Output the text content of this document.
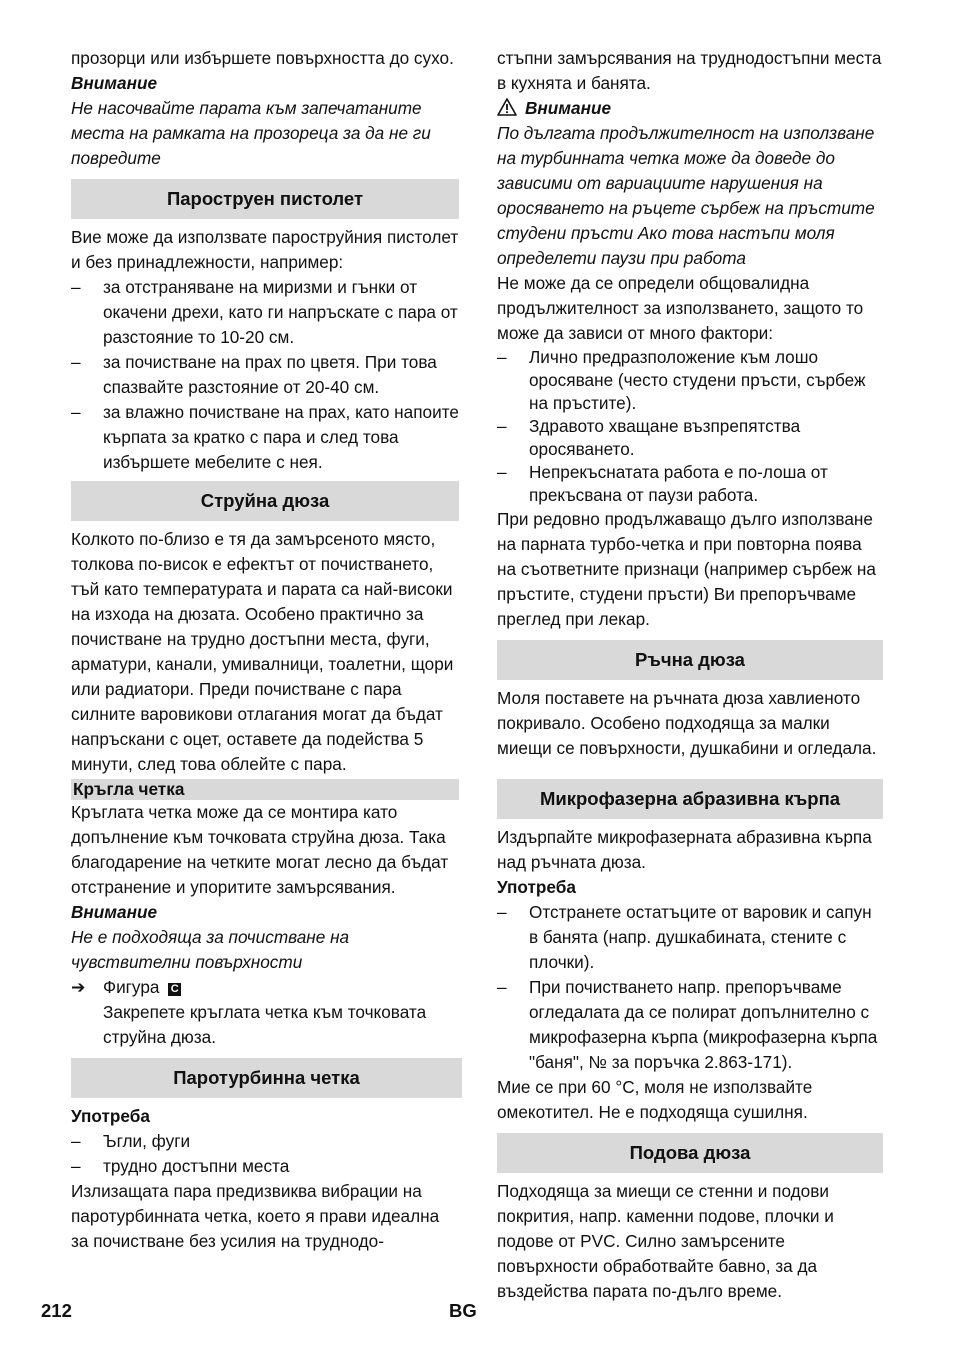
прозорци или избършете повърхността до сухо.

Внимание

Не насочвайте парата към запечатаните места на рамката на прозореца за да не ги повредите

Пароструен пистолет

Вие може да използвате пароструйния пистолет и без принадлежности, например:

– за отстраняване на миризми и гънки от окачени дрехи, като ги напръскате с пара от разстояние то 10-20 см.
– за почистване на прах по цветя. При това спазвайте разстояние от 20-40 см.
– за влажно почистване на прах, като напоите кърпата за кратко с пара и след това избършете мебелите с нея.
Струйна дюза

Колкото по-близо е тя да замърсеното място, толкова по-висок е ефектът от почистването, тъй като температурата и парата са най-високи на изхода на дюзата. Особено практично за почистване на трудно достъпни места, фуги, арматури, канали, умивалници, тоалетни, щори или радиатори. Преди почистване с пара силните варовикови отлагания могат да бъдат напръскани с оцет, оставете да подейства 5 минути, след това облейте с пара.

Кръгла четка

Кръглата четка може да се монтира като допълнение към точковата струйна дюза. Така благодарение на четките могат лесно да бъдат отстранение и упоритите замърсявания.

Внимание

Не е подходяща за почистване на чувствителни повърхности

➔ Фигура C

Закрепете кръглата четка към точковата струйна дюза.

Паротурбинна четка

Употреба

– Ъгли, фуги
– трудно достъпни места

Излизащата пара предизвиква вибрации на паротурбинната четка, което я прави идеална за почистване без усилия на труднодо-

стъпни замърсявания на труднодостъпни места в кухнята и банята.

Внимание

По дългата продължителност на използване на турбинната четка може да доведе до зависими от вариациите нарушения на оросяването на ръцете сърбеж на пръстите студени пръсти Ако това настъпи моля определети паузи при работа

Не може да се определи общовалидна продължителност за използването, защото то може да зависи от много фактори:

– Лично предразположение към лошо оросяване (често студени пръсти, сърбеж на пръстите).
– Здравото хващане възпрепятства оросяването.
– Непрекъснатата работа е по-лоша от прекъсвана от паузи работа.

При редовно продължаващо дълго използване на парната турбо-четка и при повторна поява на съответните признаци (например сърбеж на пръстите, студени пръсти) Ви препоръчваме преглед при лекар.

Ръчна дюза

Моля поставете на ръчната дюза хавлиеното покривало. Особено подходяща за малки миещи се повърхности, душкабини и огледала.

Микрофазерна абразивна кърпа

Издърпайте микрофазерната абразивна кърпа над ръчната дюза.

Употреба

– Отстранете остатъците от варовик и сапун в банята (напр. душкабината, стените с плочки).
– При почистването напр. препоръчваме огледалата да се полират допълнително с микрофазерна кърпа (микрофазерна кърпа "баня", № за поръчка 2.863-171).

Мие се при 60 °C, моля не използвайте омекотител. Не е подходяща сушилня.

Подова дюза

Подходяща за миещи се стенни и подови покрития, напр. каменни подове, плочки и подове от PVC. Силно замърсените повърхности обработвайте бавно, за да въздейства парата по-дълго време.

212	BG
